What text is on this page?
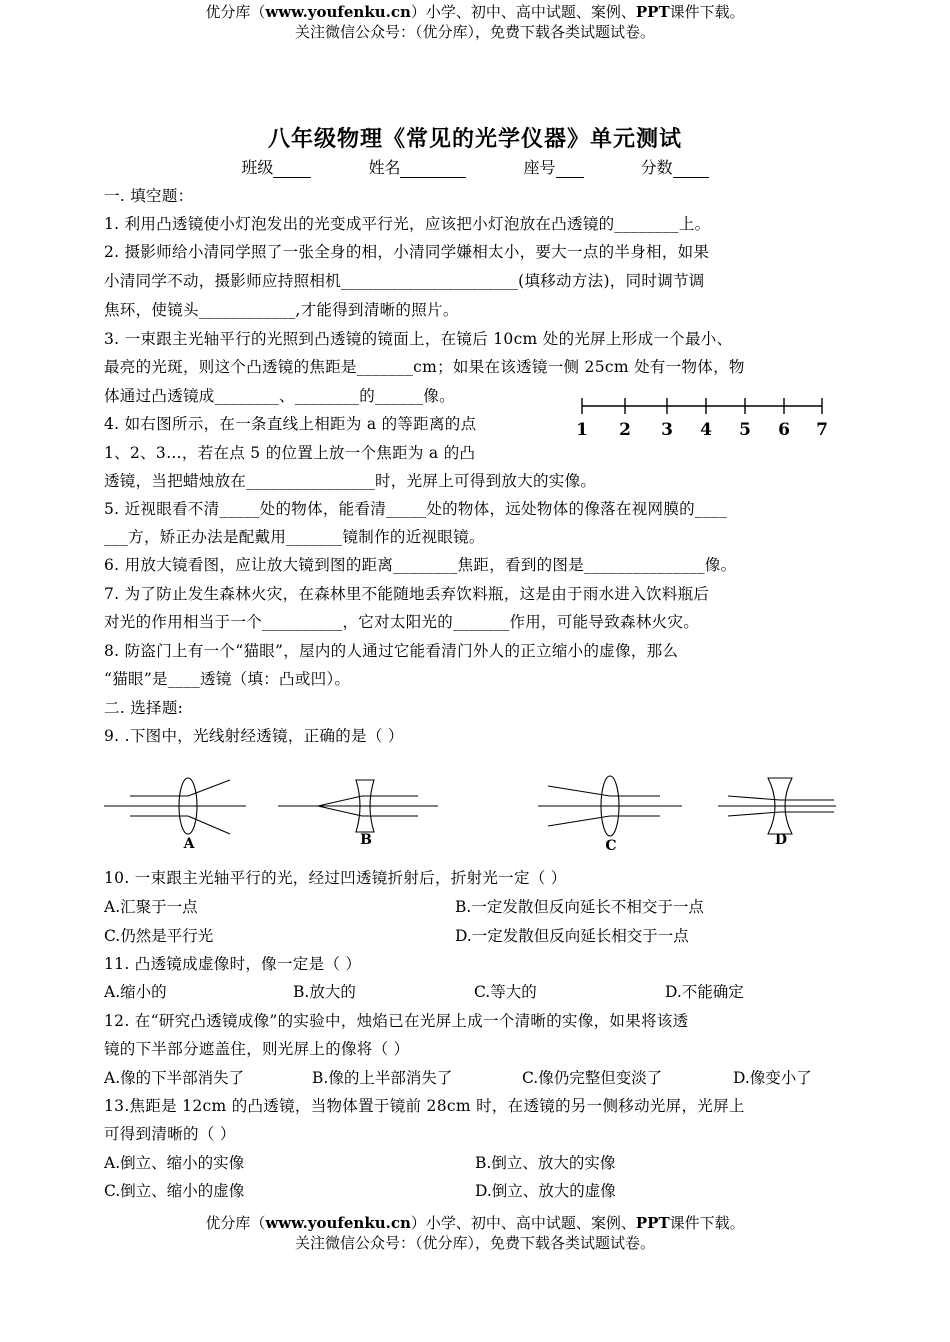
优分库（www.youfenku.cn）小学、初中、高中试题、案例、PPT课件下载。
关注微信公众号：（优分库），免费下载各类试题试卷。
八年级物理《常见的光学仪器》单元测试
班级	姓名	座号	分数
一. 填空题：
1. 利用凸透镜使小灯泡发出的光变成平行光，应该把小灯泡放在凸透镜的________上。
2. 摄影师给小清同学照了一张全身的相，小清同学嫌相太小，要大一点的半身相，如果
小清同学不动，摄影师应持照相机______________________(填移动方法)，同时调节调
焦环，使镜头____________,才能得到清晰的照片。
3. 一束跟主光轴平行的光照到凸透镜的镜面上，在镜后 10cm 处的光屏上形成一个最小、
最亮的光斑，则这个凸透镜的焦距是_______cm；如果在该透镜一侧 25cm 处有一物体，物
体通过凸透镜成________、________的______像。
4. 如右图所示，在一条直线上相距为 a 的等距离的点
1、2、3…，若在点 5 的位置上放一个焦距为 a 的凸
透镜，当把蜡烛放在________________时，光屏上可得到放大的实像。
1 2 3 4 5 6 7
5. 近视眼看不清_____处的物体，能看清_____处的物体，远处物体的像落在视网膜的____
___方，矫正办法是配戴用_______镜制作的近视眼镜。
6. 用放大镜看图，应让放大镜到图的距离________焦距，看到的图是_______________像。
7. 为了防止发生森林火灾，在森林里不能随地丢弃饮料瓶，这是由于雨水进入饮料瓶后
对光的作用相当于一个__________，它对太阳光的_______作用，可能导致森林火灾。
8. 防盗门上有一个“猫眼”，屋内的人通过它能看清门外人的正立缩小的虚像，那么
“猫眼”是____透镜（填：凸或凹）。
二. 选择题:
9. .下图中，光线射经透镜，正确的是（ ）
A	B	C	D
10. 一束跟主光轴平行的光，经过凹透镜折射后，折射光一定（ ）
A.汇聚于一点	B.一定发散但反向延长不相交于一点
C.仍然是平行光	D.一定发散但反向延长相交于一点
11. 凸透镜成虚像时，像一定是（ ）
A.缩小的	B.放大的	C.等大的	D.不能确定
12. 在“研究凸透镜成像”的实验中，烛焰已在光屏上成一个清晰的实像，如果将该透
镜的下半部分遮盖住，则光屏上的像将（ ）
A.像的下半部消失了	B.像的上半部消失了	C.像仍完整但变淡了	D.像变小了
13.焦距是 12cm 的凸透镜，当物体置于镜前 28cm 时，在透镜的另一侧移动光屏，光屏上
可得到清晰的（ ）
A.倒立、缩小的实像	B.倒立、放大的实像
C.倒立、缩小的虚像	D.倒立、放大的虚像
优分库（www.youfenku.cn）小学、初中、高中试题、案例、PPT课件下载。
关注微信公众号：（优分库），免费下载各类试题试卷。
